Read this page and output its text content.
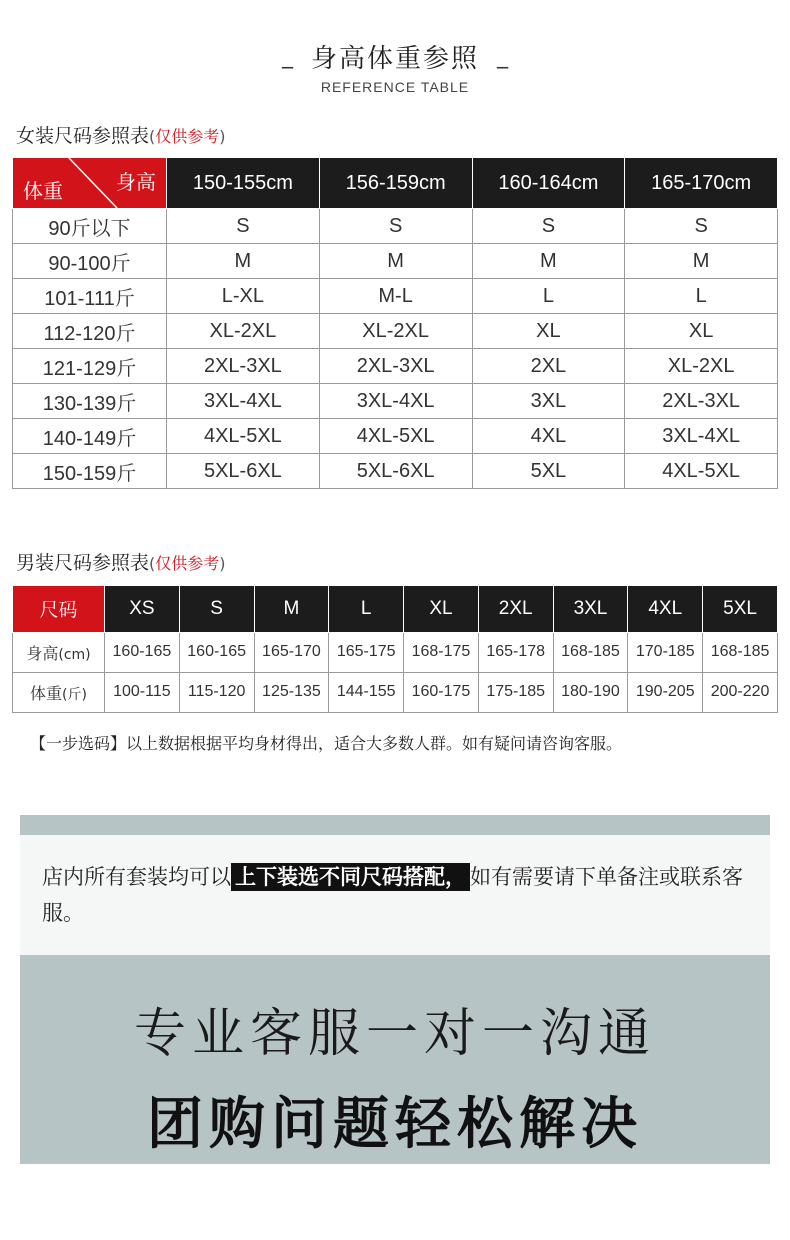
_ 身高体重参照 _
REFERENCE TABLE
女装尺码参照表(仅供参考)
身高
体重	150-155cm	156-159cm	160-164cm	165-170cm
90斤以下	S	S	S	S
90-100斤	M	M	M	M
101-111斤	L-XL	M-L	L	L
112-120斤	XL-2XL	XL-2XL	XL	XL
121-129斤	2XL-3XL	2XL-3XL	2XL	XL-2XL
130-139斤	3XL-4XL	3XL-4XL	3XL	2XL-3XL
140-149斤	4XL-5XL	4XL-5XL	4XL	3XL-4XL
150-159斤	5XL-6XL	5XL-6XL	5XL	4XL-5XL
男装尺码参照表(仅供参考)
尺码	XS	S	M	L	XL	2XL	3XL	4XL	5XL
身高(cm)	160-165	160-165	165-170	165-175	168-175	165-178	168-185	170-185	168-185
体重(斤)	100-115	115-120	125-135	144-155	160-175	175-185	180-190	190-205	200-220
【一步选码】以上数据根据平均身材得出，适合大多数人群。如有疑问请咨询客服。
店内所有套装均可以 上下装选不同尺码搭配， 如有需要请下单备注或联系客服。
专业客服一对一沟通
团购问题轻松解决
